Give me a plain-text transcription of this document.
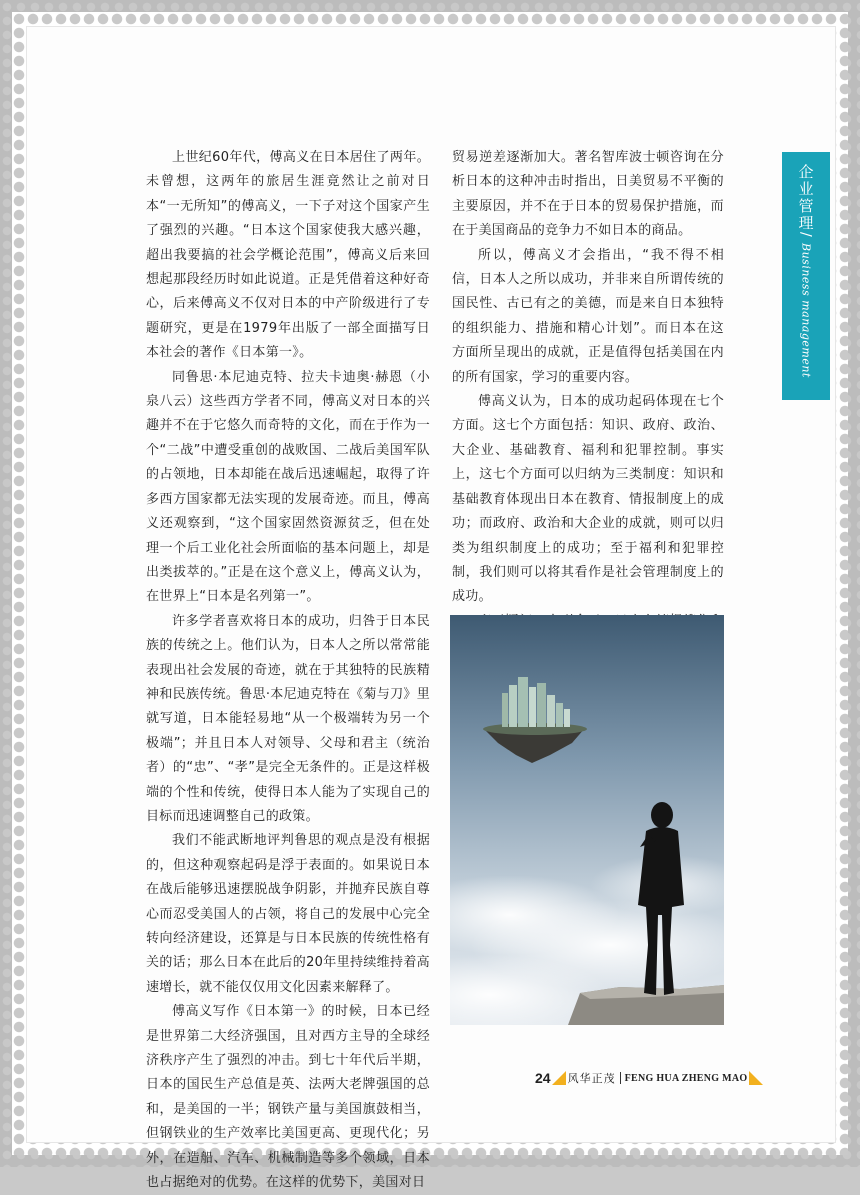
企业管理/Business management

上世纪60年代，傅高义在日本居住了两年。未曾想，这两年的旅居生涯竟然让之前对日本“一无所知”的傅高义，一下子对这个国家产生了强烈的兴趣。“日本这个国家使我大感兴趣，超出我要搞的社会学概论范围”，傅高义后来回想起那段经历时如此说道。正是凭借着这种好奇心，后来傅高义不仅对日本的中产阶级进行了专题研究，更是在1979年出版了一部全面描写日本社会的著作《日本第一》。

同鲁思·本尼迪克特、拉夫卡迪奥·赫恩（小泉八云）这些西方学者不同，傅高义对日本的兴趣并不在于它悠久而奇特的文化，而在于作为一个“二战”中遭受重创的战败国、二战后美国军队的占领地，日本却能在战后迅速崛起，取得了许多西方国家都无法实现的发展奇迹。而且，傅高义还观察到，“这个国家固然资源贫乏，但在处理一个后工业化社会所面临的基本问题上，却是出类拔萃的。”正是在这个意义上，傅高义认为，在世界上“日本是名列第一”。

许多学者喜欢将日本的成功，归咎于日本民族的传统之上。他们认为，日本人之所以常常能表现出社会发展的奇迹，就在于其独特的民族精神和民族传统。鲁思·本尼迪克特在《菊与刀》里就写道，日本能轻易地“从一个极端转为另一个极端”；并且日本人对领导、父母和君主（统治者）的“忠”、“孝”是完全无条件的。正是这样极端的个性和传统，使得日本人能为了实现自己的目标而迅速调整自己的政策。

我们不能武断地评判鲁思的观点是没有根据的，但这种观察起码是浮于表面的。如果说日本在战后能够迅速摆脱战争阴影，并抛弃民族自尊心而忍受美国人的占领，将自己的发展中心完全转向经济建设，还算是与日本民族的传统性格有关的话；那么日本在此后的20年里持续维持着高速增长，就不能仅仅用文化因素来解释了。

傅高义写作《日本第一》的时候，日本已经是世界第二大经济强国，且对西方主导的全球经济秩序产生了强烈的冲击。到七十年代后半期，日本的国民生产总值是英、法两大老牌强国的总和，是美国的一半；钢铁产量与美国旗鼓相当，但钢铁业的生产效率比美国更高、更现代化；另外，在造船、汽车、机械制造等多个领域，日本也占据绝对的优势。在这样的优势下，美国对日

贸易逆差逐渐加大。著名智库波士顿咨询在分析日本的这种冲击时指出，日美贸易不平衡的主要原因，并不在于日本的贸易保护措施，而在于美国商品的竞争力不如日本的商品。

所以，傅高义才会指出，“我不得不相信，日本人之所以成功，并非来自所谓传统的国民性、古已有之的美德，而是来自日本独特的组织能力、措施和精心计划”。而日本在这方面所呈现出的成就，正是值得包括美国在内的所有国家，学习的重要内容。

傅高义认为，日本的成功起码体现在七个方面。这七个方面包括：知识、政府、政治、大企业、基础教育、福利和犯罪控制。事实上，这七个方面可以归纳为三类制度：知识和基础教育体现出日本在教育、情报制度上的成功；而政府、政治和大企业的成就，则可以归类为组织制度上的成功；至于福利和犯罪控制，我们则可以将其看作是社会管理制度上的成功。

24 风华正茂 FENG HUA ZHENG MAO
